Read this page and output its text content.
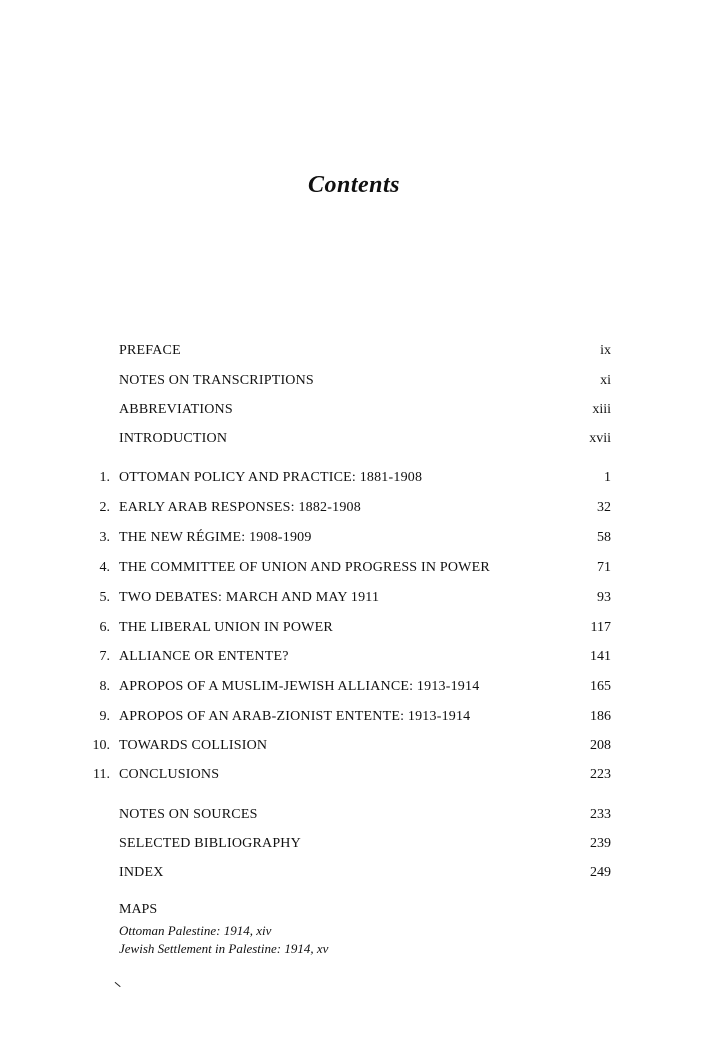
Contents
PREFACE	ix
NOTES ON TRANSCRIPTIONS	xi
ABBREVIATIONS	xiii
INTRODUCTION	xvii
1. OTTOMAN POLICY AND PRACTICE: 1881-1908	1
2. EARLY ARAB RESPONSES: 1882-1908	32
3. THE NEW RÉGIME: 1908-1909	58
4. THE COMMITTEE OF UNION AND PROGRESS IN POWER	71
5. TWO DEBATES: MARCH AND MAY 1911	93
6. THE LIBERAL UNION IN POWER	117
7. ALLIANCE OR ENTENTE?	141
8. APROPOS OF A MUSLIM-JEWISH ALLIANCE: 1913-1914	165
9. APROPOS OF AN ARAB-ZIONIST ENTENTE: 1913-1914	186
10. TOWARDS COLLISION	208
11. CONCLUSIONS	223
NOTES ON SOURCES	233
SELECTED BIBLIOGRAPHY	239
INDEX	249
MAPS
Ottoman Palestine: 1914, xiv
Jewish Settlement in Palestine: 1914, xv
